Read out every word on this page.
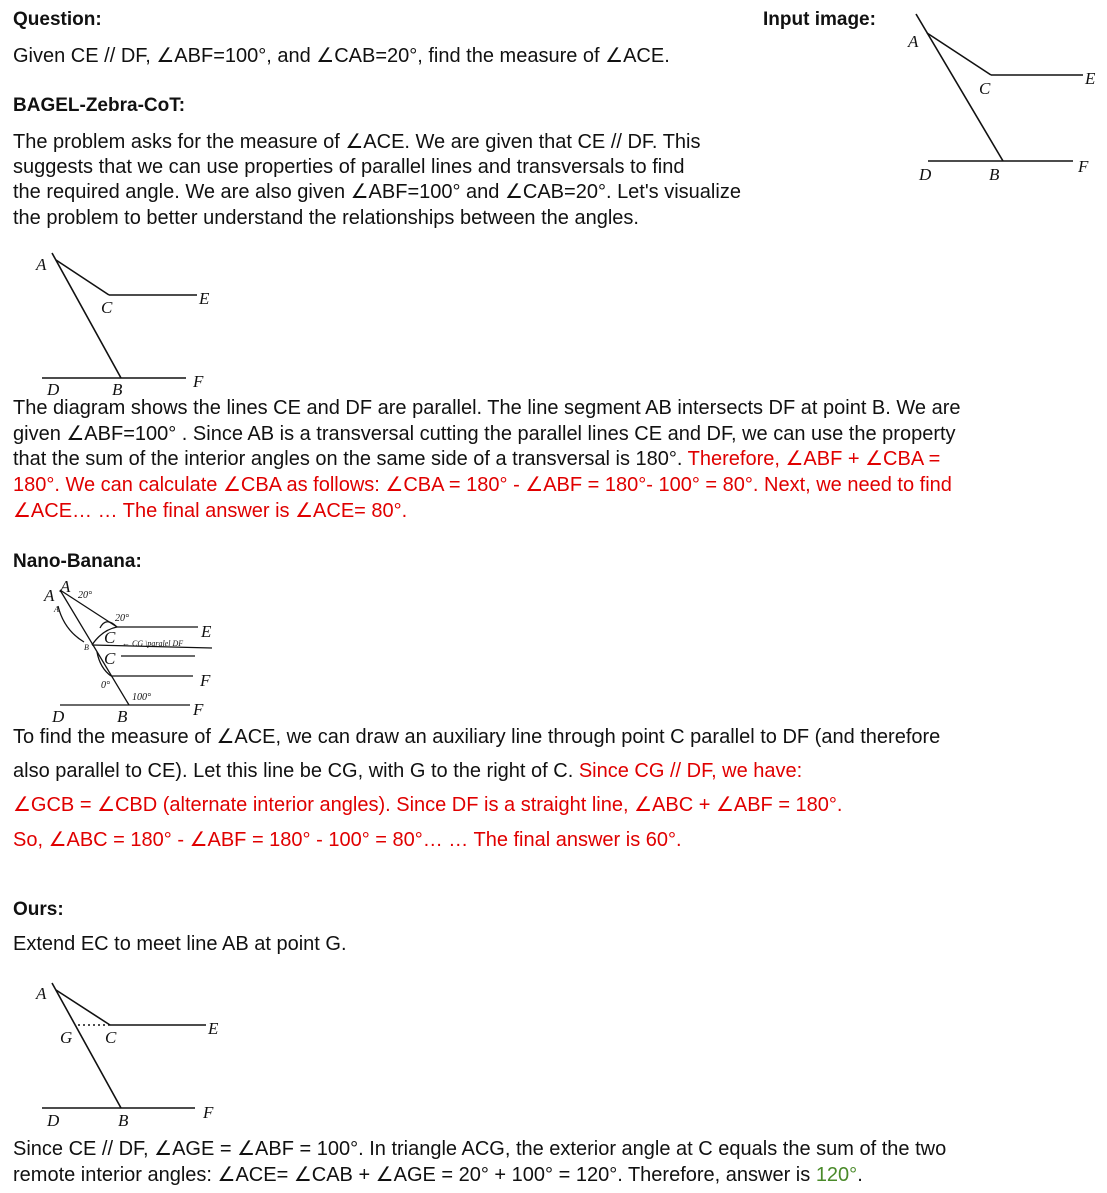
Question:	Input image:
Given CE // DF, ∠ABF=100°, and ∠CAB=20°, find the measure of ∠ACE.
BAGEL-Zebra-CoT:
Nano-Banana:
Ours:
The problem asks for the measure of ∠ACE. We are given that CE // DF. This
suggests that we can use properties of parallel lines and transversals to find
the required angle. We are also given ∠ABF=100° and ∠CAB=20°. Let's visualize
the problem to better understand the relationships between the angles.
The diagram shows the lines CE and DF are parallel. The line segment AB intersects DF at point B. We are
given ∠ABF=100° . Since AB is a transversal cutting the parallel lines CE and DF, we can use the property
that the sum of the interior angles on the same side of a transversal is 180°. Therefore, ∠ABF + ∠CBA =
180°. We can calculate ∠CBA as follows: ∠CBA = 180° - ∠ABF = 180°- 100° = 80°. Next, we need to find
∠ACE… … The final answer is ∠ACE= 80°.
To find the measure of ∠ACE, we can draw an auxiliary line through point C parallel to DF (and therefore
also parallel to CE). Let this line be CG, with G to the right of C. Since CG // DF, we have:
∠GCB = ∠CBD (alternate interior angles). Since DF is a straight line, ∠ABC + ∠ABF = 180°.
So, ∠ABC = 180° - ∠ABF = 180° - 100° = 80°… … The final answer is 60°.
Extend EC to meet line AB at point G.
Since CE // DF, ∠AGE = ∠ABF = 100°. In triangle ACG, the exterior angle at C equals the sum of the two
remote interior angles: ∠ACE= ∠CAB + ∠AGE = 20° + 100° = 120°. Therefore, answer is 120°.
A
C
E
D	B	F
A
C	E
D	B	F
A A
C
C
E
F
D	B	F
A
G C	E
D	B	F
20°
20°
B
A
← CG \paralel DF
0°
100°
